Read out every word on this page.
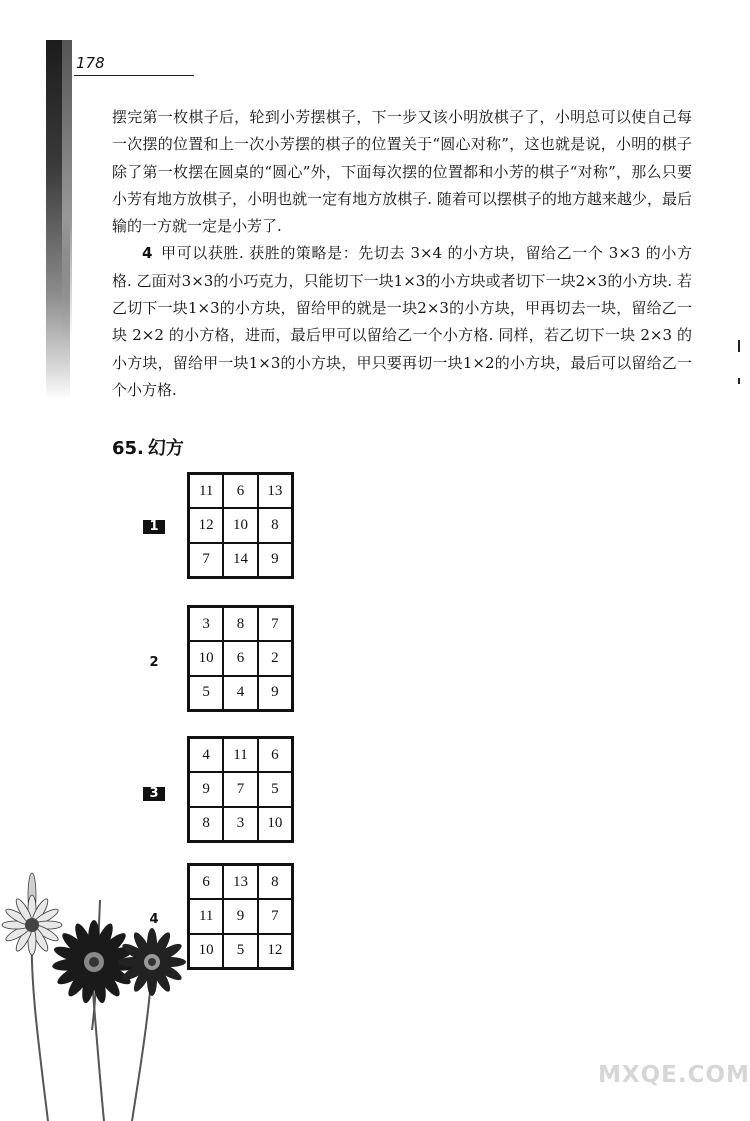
178

摆完第一枚棋子后，轮到小芳摆棋子，下一步又该小明放棋子了，小明总可以使自己每一次摆的位置和上一次小芳摆的棋子的位置关于“圆心对称”，这也就是说，小明的棋子除了第一枚摆在圆桌的“圆心”外，下面每次摆的位置都和小芳的棋子“对称”，那么只要小芳有地方放棋子，小明也就一定有地方放棋子. 随着可以摆棋子的地方越来越少，最后输的一方就一定是小芳了.

4 甲可以获胜. 获胜的策略是：先切去 3×4 的小方块，留给乙一个 3×3 的小方格. 乙面对3×3的小巧克力，只能切下一块1×3的小方块或者切下一块2×3的小方块. 若乙切下一块1×3的小方块，留给甲的就是一块2×3的小方块，甲再切去一块，留给乙一块 2×2 的小方格，进而，最后甲可以留给乙一个小方格. 同样，若乙切下一块 2×3 的小方块，留给甲一块1×3的小方块，甲只要再切一块1×2的小方块，最后可以留给乙一个小方格.

65. 幻方
1
11	6	13
12	10	8
7	14	9
2
3	8	7
10	6	2
5	4	9
3
4	11	6
9	7	5
8	3	10
4
6	13	8
11	9	7
10	5	12
MXQE.COM
